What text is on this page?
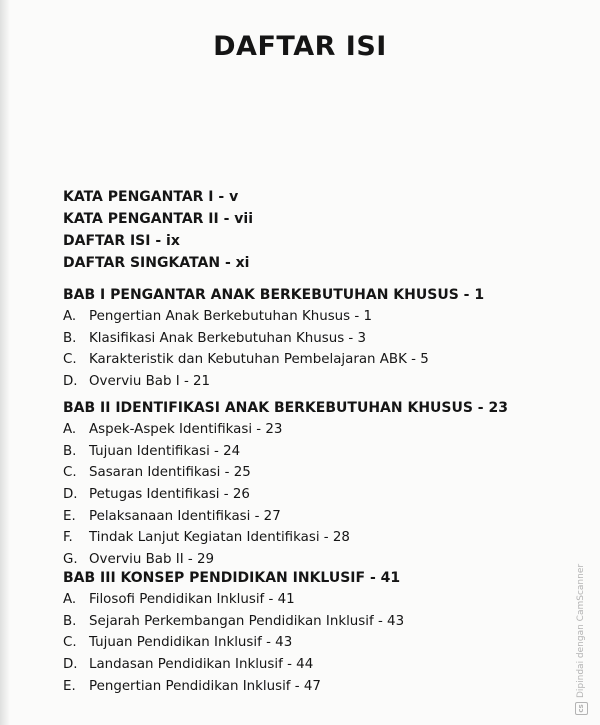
DAFTAR ISI
KATA PENGANTAR I - v
KATA PENGANTAR II - vii
DAFTAR ISI - ix
DAFTAR SINGKATAN - xi
BAB I PENGANTAR ANAK BERKEBUTUHAN KHUSUS - 1
A. Pengertian Anak Berkebutuhan Khusus - 1
B. Klasifikasi Anak Berkebutuhan Khusus - 3
C. Karakteristik dan Kebutuhan Pembelajaran ABK - 5
D. Overviu Bab I - 21
BAB II IDENTIFIKASI ANAK BERKEBUTUHAN KHUSUS - 23
A. Aspek-Aspek Identifikasi - 23
B. Tujuan Identifikasi - 24
C. Sasaran Identifikasi - 25
D. Petugas Identifikasi - 26
E. Pelaksanaan Identifikasi - 27
F.	Tindak Lanjut Kegiatan Identifikasi - 28
G. Overviu Bab II - 29
BAB III KONSEP PENDIDIKAN INKLUSIF - 41
A. Filosofi Pendidikan Inklusif - 41
B. Sejarah Perkembangan Pendidikan Inklusif - 43
C. Tujuan Pendidikan Inklusif - 43
D. Landasan Pendidikan Inklusif - 44
E. Pengertian Pendidikan Inklusif - 47
cs
Dipindai dengan CamScanner
